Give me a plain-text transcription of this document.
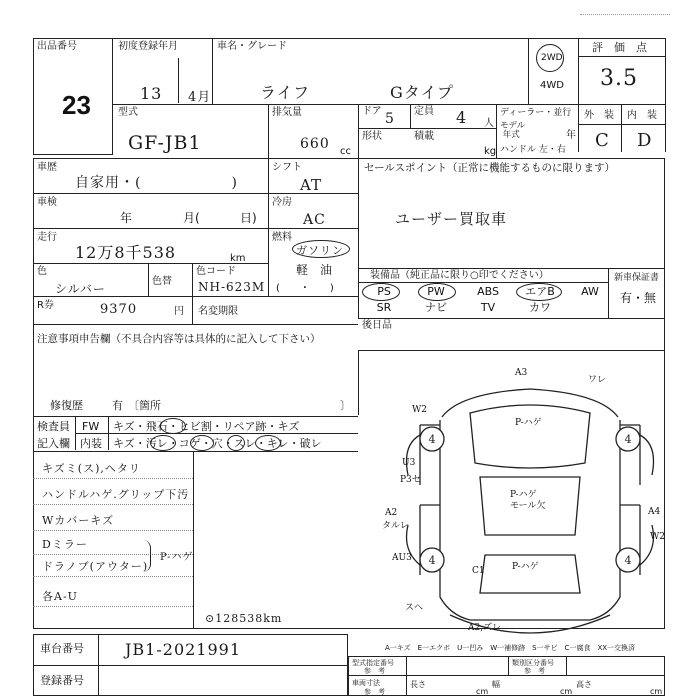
出品番号
23
初度登録年月
13 4月
車名・グレード
ライフ	Gタイプ
2WD
4WD
評　価　点
3.5
外　装 内　装
C D
型式
GF-JB1
排気量
660 cc
ドア 5 定員 4 人
形状	積載
kg
ディーラー・並行
モデル
年式	年
ハンドル 左・右
車歴
自家用・(　　　　　　)
シフト
AT
セールスポイント（正常に機能するものに限ります）
ユーザー買取車
車検
年	月(	日)
冷房
AC
走行
12万8千538	km
燃料
ガソリン
軽　油
(　　・　　)
色
シルバー
色替
色コード
NH-623M
R券	9370	円 名変期限
装備品（純正品に限り○印でください）	新車保証書
有・無
PS	PW	ABS	エアB	AW
SR	ナビ	TV	カワ
後日品
注意事項申告欄（不具合内容等は具体的に記入して下さい）
修復歴	有 〔箇所	〕
検査員
記入欄
FW キズ・飛石・ヒビ割・リペア跡・キズ
内装 キズ・汚レ・コゲ・穴・スレ・キレ・破レ
キズミ(ス),ヘタリ
ハンドルハゲ.グリップ下汚
Wカバーキズ
Dミラー
ドラノブ(アウター)
各A-U
P-ハゲ
⊙128538km
4	4
4	4
A3
ワレ
W2
U3
P3セ
A2
タルレ
A4
W2
AU3
C1
A2,ズレ
スヘ
P-ハゲ
P-ハゲ
モール欠
P-ハゲ
車台番号	JB1-2021991
登録番号
A一キズ　E一エクボ　U一凹み　W一補修跡　S一サビ　C一腐食　XX一交換済
型式指定番号
参　考
類別区分番号
参　考
車両寸法
参　考
長さ
cm
幅
cm
高さ
cm
